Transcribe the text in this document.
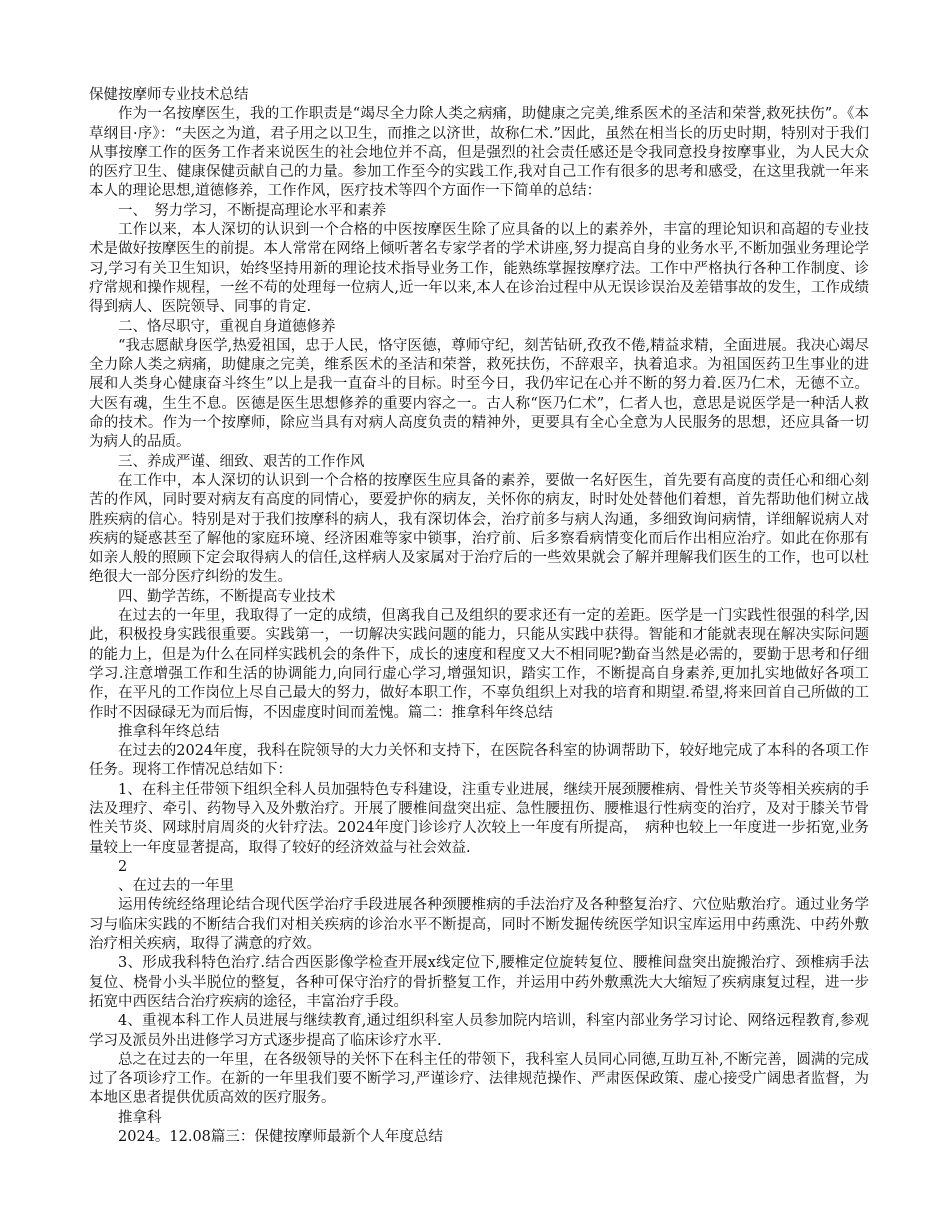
保健按摩师专业技术总结

作为一名按摩医生，我的工作职责是“竭尽全力除人类之病痛，助健康之完美,维系医术的圣洁和荣誉,救死扶伤”。《本草纲目·序》：“夫医之为道，君子用之以卫生，而推之以济世，故称仁术.”因此，虽然在相当长的历史时期，特别对于我们从事按摩工作的医务工作者来说医生的社会地位并不高，但是强烈的社会责任感还是令我同意投身按摩事业，为人民大众的医疗卫生、健康保健贡献自己的力量。参加工作至今的实践工作,我对自己工作有很多的思考和感受，在这里我就一年来本人的理论思想,道德修养，工作作风，医疗技术等四个方面作一下简单的总结：

一、　努力学习，不断提高理论水平和素养

工作以来，本人深切的认识到一个合格的中医按摩医生除了应具备的以上的素养外，丰富的理论知识和高超的专业技术是做好按摩医生的前提。本人常常在网络上倾听著名专家学者的学术讲座,努力提高自身的业务水平,不断加强业务理论学习,学习有关卫生知识，始终坚持用新的理论技术指导业务工作，能熟练掌握按摩疗法。工作中严格执行各种工作制度、诊疗常规和操作规程，一丝不苟的处理每一位病人,近一年以来,本人在诊治过程中从无误诊误治及差错事故的发生，工作成绩得到病人、医院领导、同事的肯定.

二、恪尽职守，重视自身道德修养

“我志愿献身医学,热爱祖国，忠于人民，恪守医德，尊师守纪，刻苦钻研,孜孜不倦,精益求精，全面进展。我决心竭尽全力除人类之病痛，助健康之完美，维系医术的圣洁和荣誉，救死扶伤，不辞艰辛，执着追求。为祖国医药卫生事业的进展和人类身心健康奋斗终生”以上是我一直奋斗的目标。时至今日，我仍牢记在心并不断的努力着.医乃仁术，无德不立。大医有魂，生生不息。医德是医生思想修养的重要内容之一。古人称“医乃仁术”，仁者人也，意思是说医学是一种活人救命的技术。作为一个按摩师，除应当具有对病人高度负责的精神外，更要具有全心全意为人民服务的思想，还应具备一切为病人的品质。

三、养成严谨、细致、艰苦的工作作风

在工作中，本人深切的认识到一个合格的按摩医生应具备的素养，要做一名好医生，首先要有高度的责任心和细心刻苦的作风，同时要对病友有高度的同情心，要爱护你的病友，关怀你的病友，时时处处替他们着想，首先帮助他们树立战胜疾病的信心。特别是对于我们按摩科的病人，我有深切体会，治疗前多与病人沟通，多细致询问病情，详细解说病人对疾病的疑惑甚至了解他的家庭环境、经济困难等家中锁事，治疗前、后多察看病情变化而后作出相应治疗。如此在你那有如亲人般的照顾下定会取得病人的信任,这样病人及家属对于治疗后的一些效果就会了解并理解我们医生的工作，也可以杜绝很大一部分医疗纠纷的发生。

四、勤学苦练，不断提高专业技术

在过去的一年里，我取得了一定的成绩，但离我自己及组织的要求还有一定的差距。医学是一门实践性很强的科学,因此，积极投身实践很重要。实践第一，一切解决实践问题的能力，只能从实践中获得。智能和才能就表现在解决实际问题的能力上，但是为什么在同样实践机会的条件下，成长的速度和程度又大不相同呢?勤奋当然是必需的，要勤于思考和仔细学习.注意增强工作和生活的协调能力,向同行虚心学习,增强知识，踏实工作，不断提高自身素养,更加扎实地做好各项工作，在平凡的工作岗位上尽自己最大的努力，做好本职工作，不辜负组织上对我的培育和期望.希望,将来回首自己所做的工作时不因碌碌无为而后悔，不因虚度时间而羞愧。篇二：推拿科年终总结

推拿科年终总结

在过去的2024年度，我科在院领导的大力关怀和支持下，在医院各科室的协调帮助下，较好地完成了本科的各项工作任务。现将工作情况总结如下：

1、在科主任带领下组织全科人员加强特色专科建设，注重专业进展，继续开展颈腰椎病、骨性关节炎等相关疾病的手法及理疗、牵引、药物导入及外敷治疗。开展了腰椎间盘突出症、急性腰扭伤、腰椎退行性病变的治疗，及对于膝关节骨性关节炎、网球肘肩周炎的火针疗法。2024年度门诊诊疗人次较上一年度有所提高，　病种也较上一年度进一步拓宽,业务量较上一年度显著提高，取得了较好的经济效益与社会效益.

2

、在过去的一年里

运用传统经络理论结合现代医学治疗手段进展各种颈腰椎病的手法治疗及各种整复治疗、穴位贴敷治疗。通过业务学习与临床实践的不断结合我们对相关疾病的诊治水平不断提高，同时不断发掘传统医学知识宝库运用中药熏洗、中药外敷治疗相关疾病，取得了满意的疗效。

3、形成我科特色治疗.结合西医影像学检查开展x线定位下,腰椎定位旋转复位、腰椎间盘突出旋搬治疗、颈椎病手法复位、桡骨小头半脱位的整复，各种可保守治疗的骨折整复工作，并运用中药外敷熏洗大大缩短了疾病康复过程，进一步拓宽中西医结合治疗疾病的途径，丰富治疗手段。

4、重视本科工作人员进展与继续教育,通过组织科室人员参加院内培训，科室内部业务学习讨论、网络远程教育,参观学习及派员外出进修学习方式逐步提高了临床诊疗水平.

总之在过去的一年里，在各级领导的关怀下在科主任的带领下，我科室人员同心同德,互助互补,不断完善，圆满的完成过了各项诊疗工作。在新的一年里我们要不断学习,严谨诊疗、法律规范操作、严肃医保政策、虚心接受广阔患者监督，为本地区患者提供优质高效的医疗服务。

推拿科

2024。12.08篇三：保健按摩师最新个人年度总结
